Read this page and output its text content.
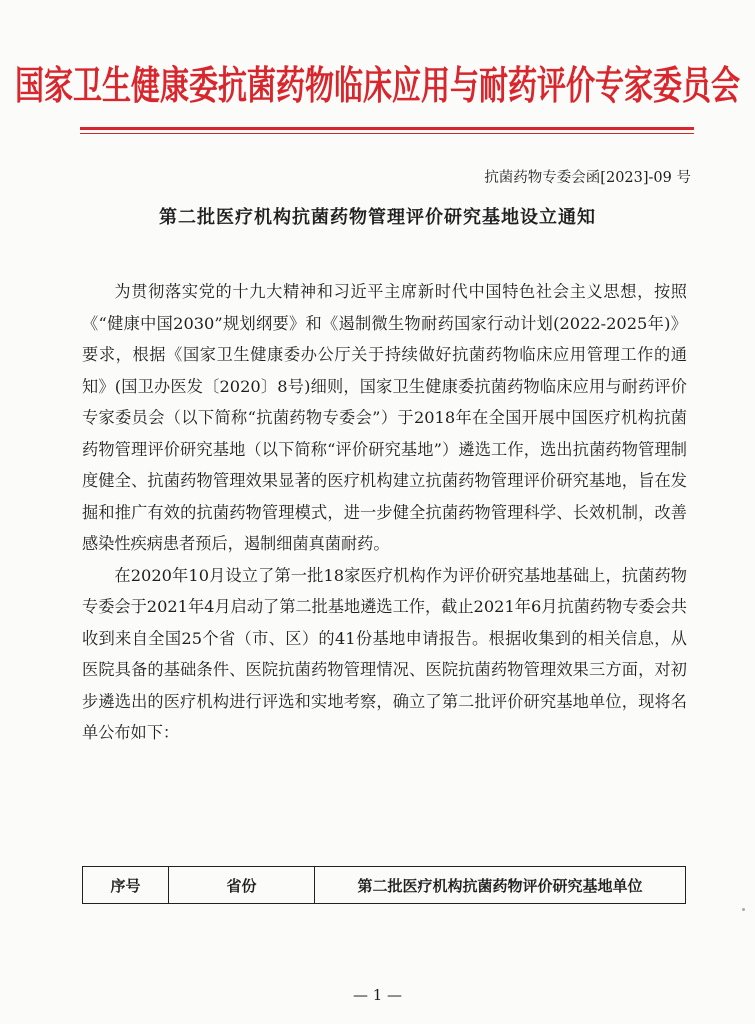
国家卫生健康委抗菌药物临床应用与耐药评价专家委员会
抗菌药物专委会函[2023]-09 号
第二批医疗机构抗菌药物管理评价研究基地设立通知

为贯彻落实党的十九大精神和习近平主席新时代中国特色社会主义思想，按照《“健康中国2030”规划纲要》和《遏制微生物耐药国家行动计划(2022-2025年)》要求，根据《国家卫生健康委办公厅关于持续做好抗菌药物临床应用管理工作的通知》(国卫办医发〔2020〕8号)细则，国家卫生健康委抗菌药物临床应用与耐药评价专家委员会（以下简称“抗菌药物专委会”）于2018年在全国开展中国医疗机构抗菌药物管理评价研究基地（以下简称“评价研究基地”）遴选工作，选出抗菌药物管理制度健全、抗菌药物管理效果显著的医疗机构建立抗菌药物管理评价研究基地，旨在发掘和推广有效的抗菌药物管理模式，进一步健全抗菌药物管理科学、长效机制，改善感染性疾病患者预后，遏制细菌真菌耐药。

在2020年10月设立了第一批18家医疗机构作为评价研究基地基础上，抗菌药物专委会于2021年4月启动了第二批基地遴选工作，截止2021年6月抗菌药物专委会共收到来自全国25个省（市、区）的41份基地申请报告。根据收集到的相关信息，从医院具备的基础条件、医院抗菌药物管理情况、医院抗菌药物管理效果三方面，对初步遴选出的医疗机构进行评选和实地考察，确立了第二批评价研究基地单位，现将名单公布如下：

序号	省份	第二批医疗机构抗菌药物评价研究基地单位
— 1 —
